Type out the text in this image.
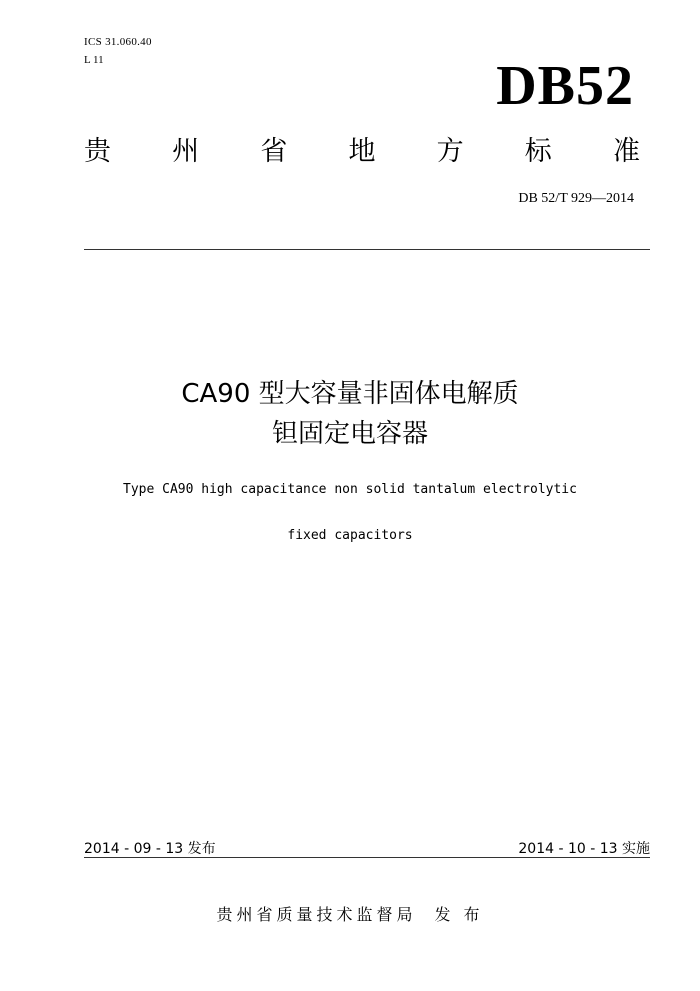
ICS 31.060.40
L 11	DB52
贵 州 省 地 方 标 准
DB 52/T 929—2014
CA90 型大容量非固体电解质
钽固定电容器
Type CA90 high capacitance non solid tantalum electrolytic
fixed capacitors
2014 - 09 - 13 发布	2014 - 10 - 13 实施
贵州省质量技术监督局 发 布
